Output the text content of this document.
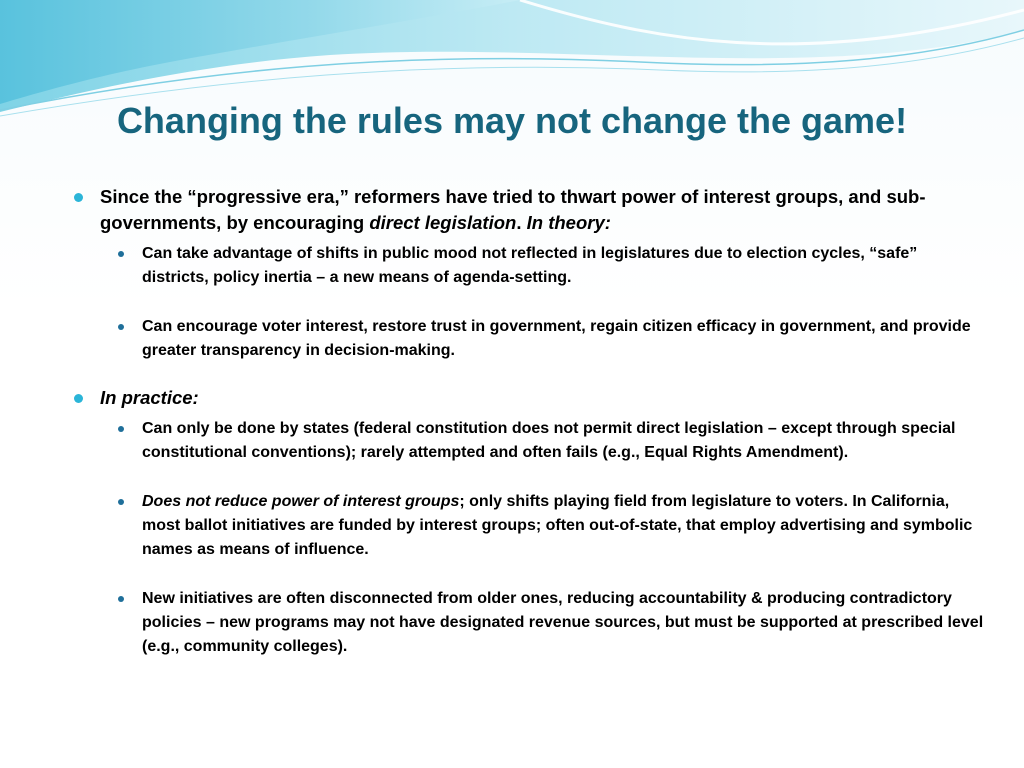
Changing the rules may not change the game!
Since the “progressive era,” reformers have tried to thwart power of interest groups, and sub-governments, by encouraging direct legislation. In theory:
Can take advantage of shifts in public mood not reflected in legislatures due to election cycles, “safe” districts, policy inertia – a new means of agenda-setting.
Can encourage voter interest, restore trust in government, regain citizen efficacy in government, and provide greater transparency in decision-making.
In practice:
Can only be done by states (federal constitution does not permit direct legislation – except through special constitutional conventions); rarely attempted and often fails (e.g., Equal Rights Amendment).
Does not reduce power of interest groups; only shifts playing field from legislature to voters. In California, most ballot initiatives are funded by interest groups; often out-of-state, that employ advertising and symbolic names as means of influence.
New initiatives are often disconnected from older ones, reducing accountability & producing contradictory policies – new programs may not have designated revenue sources, but must be supported at prescribed level (e.g., community colleges).
